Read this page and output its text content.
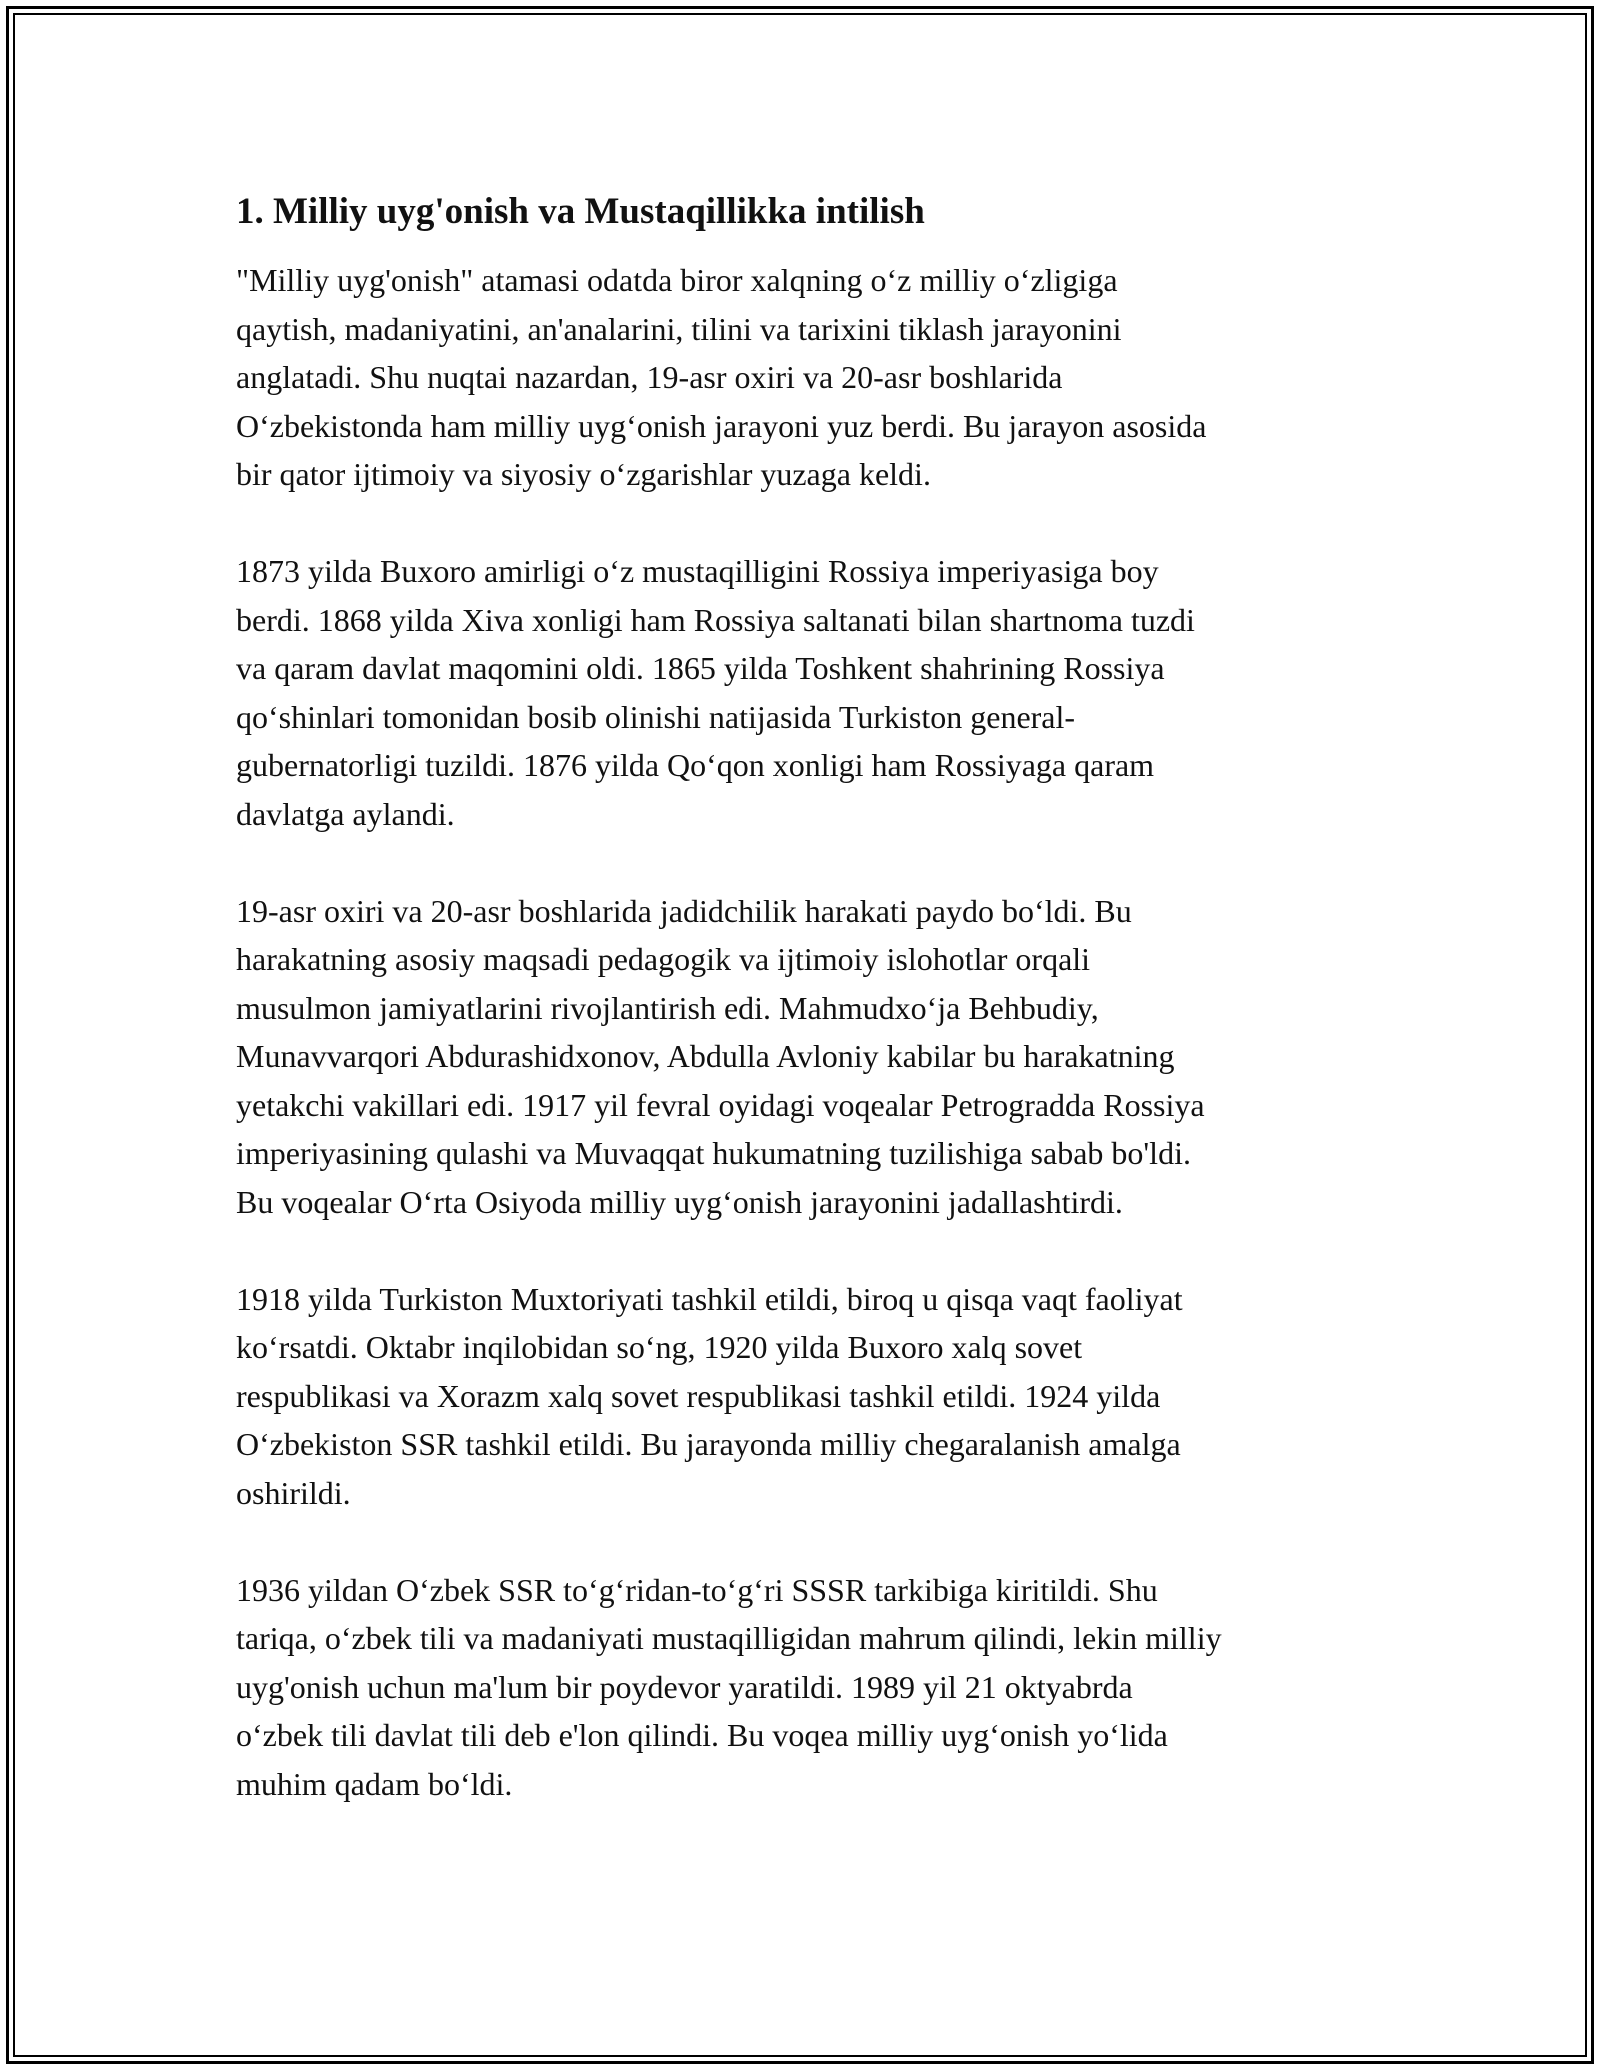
1. Milliy uyg'onish va Mustaqillikka intilish

"Milliy uyg'onish" atamasi odatda biror xalqning oʻz milliy oʻzligiga
qaytish, madaniyatini, an'analarini, tilini va tarixini tiklash jarayonini
anglatadi. Shu nuqtai nazardan, 19-asr oxiri va 20-asr boshlarida
Oʻzbekistonda ham milliy uygʻonish jarayoni yuz berdi. Bu jarayon asosida
bir qator ijtimoiy va siyosiy oʻzgarishlar yuzaga keldi.

1873 yilda Buxoro amirligi oʻz mustaqilligini Rossiya imperiyasiga boy
berdi. 1868 yilda Xiva xonligi ham Rossiya saltanati bilan shartnoma tuzdi
va qaram davlat maqomini oldi. 1865 yilda Toshkent shahrining Rossiya
qoʻshinlari tomonidan bosib olinishi natijasida Turkiston general-
gubernatorligi tuzildi. 1876 yilda Qoʻqon xonligi ham Rossiyaga qaram
davlatga aylandi.

19-asr oxiri va 20-asr boshlarida jadidchilik harakati paydo boʻldi. Bu
harakatning asosiy maqsadi pedagogik va ijtimoiy islohotlar orqali
musulmon jamiyatlarini rivojlantirish edi. Mahmudxoʻja Behbudiy,
Munavvarqori Abdurashidxonov, Abdulla Avloniy kabilar bu harakatning
yetakchi vakillari edi. 1917 yil fevral oyidagi voqealar Petrogradda Rossiya
imperiyasining qulashi va Muvaqqat hukumatning tuzilishiga sabab bo'ldi.
Bu voqealar Oʻrta Osiyoda milliy uygʻonish jarayonini jadallashtirdi.

1918 yilda Turkiston Muxtoriyati tashkil etildi, biroq u qisqa vaqt faoliyat
koʻrsatdi. Oktabr inqilobidan soʻng, 1920 yilda Buxoro xalq sovet
respublikasi va Xorazm xalq sovet respublikasi tashkil etildi. 1924 yilda
Oʻzbekiston SSR tashkil etildi. Bu jarayonda milliy chegaralanish amalga
oshirildi.

1936 yildan Oʻzbek SSR toʻgʻridan-toʻgʻri SSSR tarkibiga kiritildi. Shu
tariqa, oʻzbek tili va madaniyati mustaqilligidan mahrum qilindi, lekin milliy
uyg'onish uchun ma'lum bir poydevor yaratildi. 1989 yil 21 oktyabrda
oʻzbek tili davlat tili deb e'lon qilindi. Bu voqea milliy uygʻonish yoʻlida
muhim qadam boʻldi.
